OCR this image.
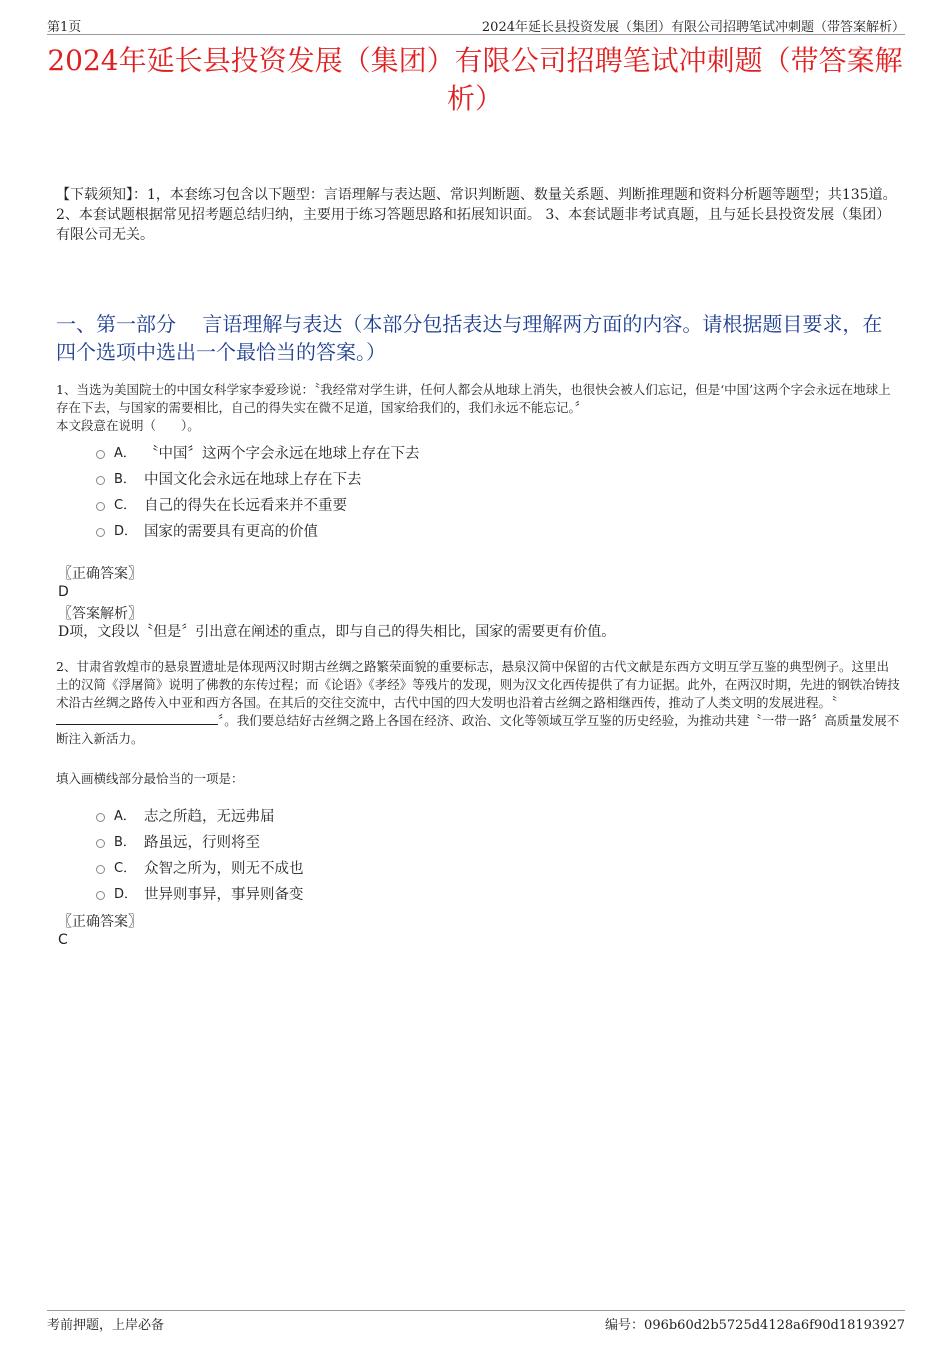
第1页	2024年延长县投资发展（集团）有限公司招聘笔试冲刺题（带答案解析）
2024年延长县投资发展（集团）有限公司招聘笔试冲刺题（带答案解析）
【下载须知】：1，本套练习包含以下题型：言语理解与表达题、常识判断题、数量关系题、判断推理题和资料分析题等题型；共135道。 2、本套试题根据常见招考题总结归纳，主要用于练习答题思路和拓展知识面。 3、本套试题非考试真题，且与延长县投资发展（集团）有限公司无关。
一、第一部分　 言语理解与表达（本部分包括表达与理解两方面的内容。请根据题目要求，在四个选项中选出一个最恰当的答案。）
1、当选为美国院士的中国女科学家李爱珍说：〝我经常对学生讲，任何人都会从地球上消失，也很快会被人们忘记，但是‘中国’这两个字会永远在地球上存在下去，与国家的需要相比，自己的得失实在微不足道，国家给我们的，我们永远不能忘记。〞
本文段意在说明（　　）。
A． 〝中国〞这两个字会永远在地球上存在下去
B． 中国文化会永远在地球上存在下去
C． 自己的得失在长远看来并不重要
D． 国家的需要具有更高的价值
〖正确答案〗
D
〖答案解析〗
D项，文段以〝但是〞引出意在阐述的重点，即与自己的得失相比，国家的需要更有价值。
2、甘肃省敦煌市的悬泉置遗址是体现两汉时期古丝绸之路繁荣面貌的重要标志，悬泉汉简中保留的古代文献是东西方文明互学互鉴的典型例子。这里出土的汉简《浮屠简》说明了佛教的东传过程；而《论语》《孝经》等残片的发现，则为汉文化西传提供了有力证据。此外，在两汉时期，先进的钢铁冶铸技术沿古丝绸之路传入中亚和西方各国。在其后的交往交流中，古代中国的四大发明也沿着古丝绸之路相继西传，推动了人类文明的发展进程。〝〞。我们要总结好古丝绸之路上各国在经济、政治、文化等领域互学互鉴的历史经验，为推动共建〝一带一路〞高质量发展不断注入新活力。
填入画横线部分最恰当的一项是：
A． 志之所趋，无远弗届
B． 路虽远，行则将至
C． 众智之所为，则无不成也
D． 世异则事异，事异则备变
〖正确答案〗
C
考前押题，上岸必备	编号：096b60d2b5725d4128a6f90d18193927
